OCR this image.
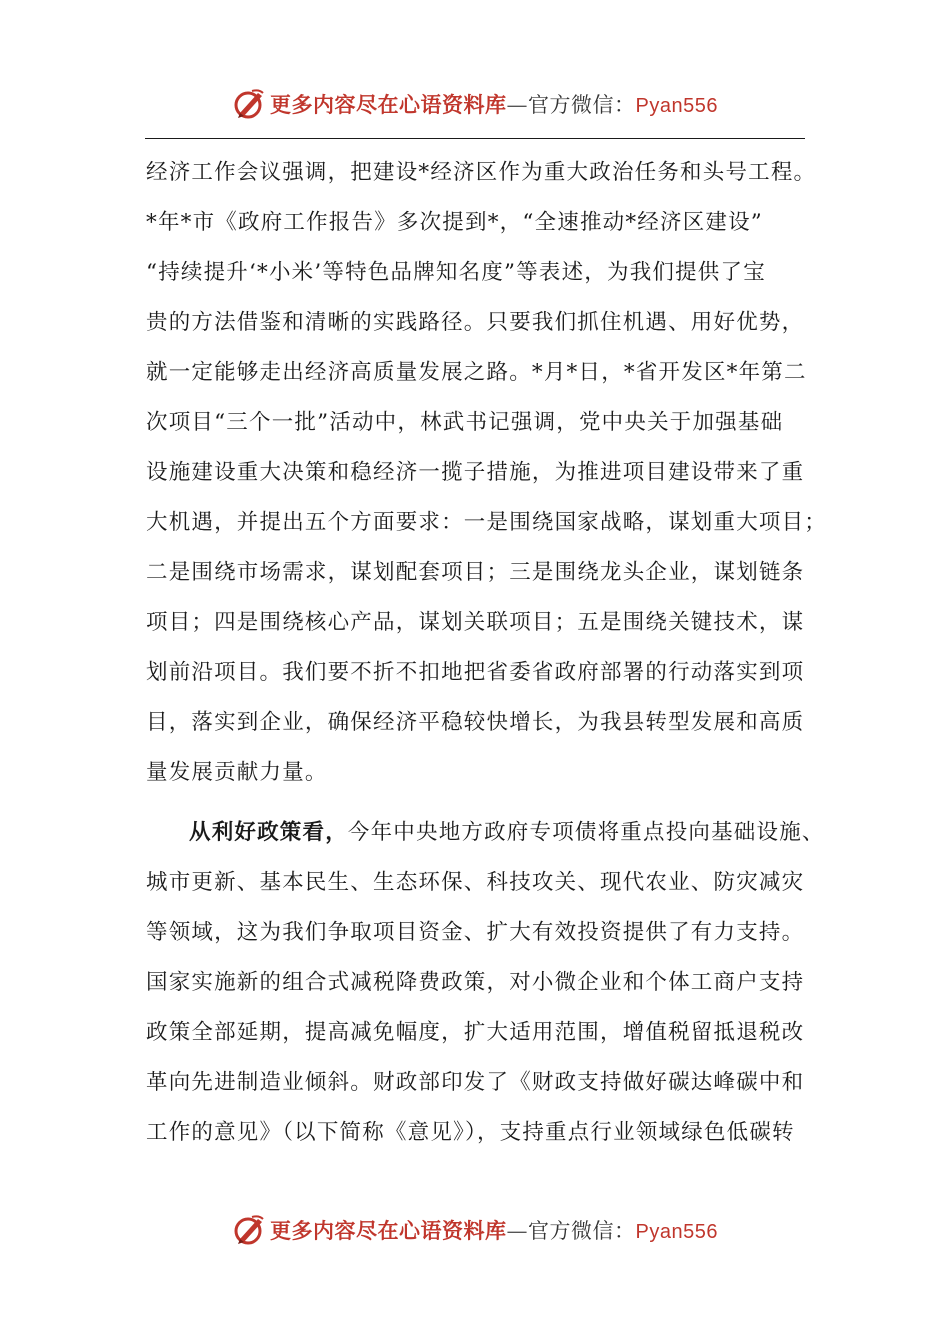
更多内容尽在心语资料库—官方微信：Pyan556
经济工作会议强调，把建设*经济区作为重大政治任务和头号工程。
*年*市《政府工作报告》多次提到*，“全速推动*经济区建设”
“持续提升‘*小米’等特色品牌知名度”等表述，为我们提供了宝
贵的方法借鉴和清晰的实践路径。只要我们抓住机遇、用好优势，
就一定能够走出经济高质量发展之路。*月*日，*省开发区*年第二
次项目“三个一批”活动中，林武书记强调，党中央关于加强基础
设施建设重大决策和稳经济一揽子措施，为推进项目建设带来了重
大机遇，并提出五个方面要求：一是围绕国家战略，谋划重大项目；
二是围绕市场需求，谋划配套项目；三是围绕龙头企业，谋划链条
项目；四是围绕核心产品，谋划关联项目；五是围绕关键技术，谋
划前沿项目。我们要不折不扣地把省委省政府部署的行动落实到项
目，落实到企业，确保经济平稳较快增长，为我县转型发展和高质
量发展贡献力量。
从利好政策看，今年中央地方政府专项债将重点投向基础设施、
城市更新、基本民生、生态环保、科技攻关、现代农业、防灾减灾
等领域，这为我们争取项目资金、扩大有效投资提供了有力支持。
国家实施新的组合式减税降费政策，对小微企业和个体工商户支持
政策全部延期，提高减免幅度，扩大适用范围，增值税留抵退税改
革向先进制造业倾斜。财政部印发了《财政支持做好碳达峰碳中和
工作的意见》（以下简称《意见》），支持重点行业领域绿色低碳转
更多内容尽在心语资料库—官方微信：Pyan556
